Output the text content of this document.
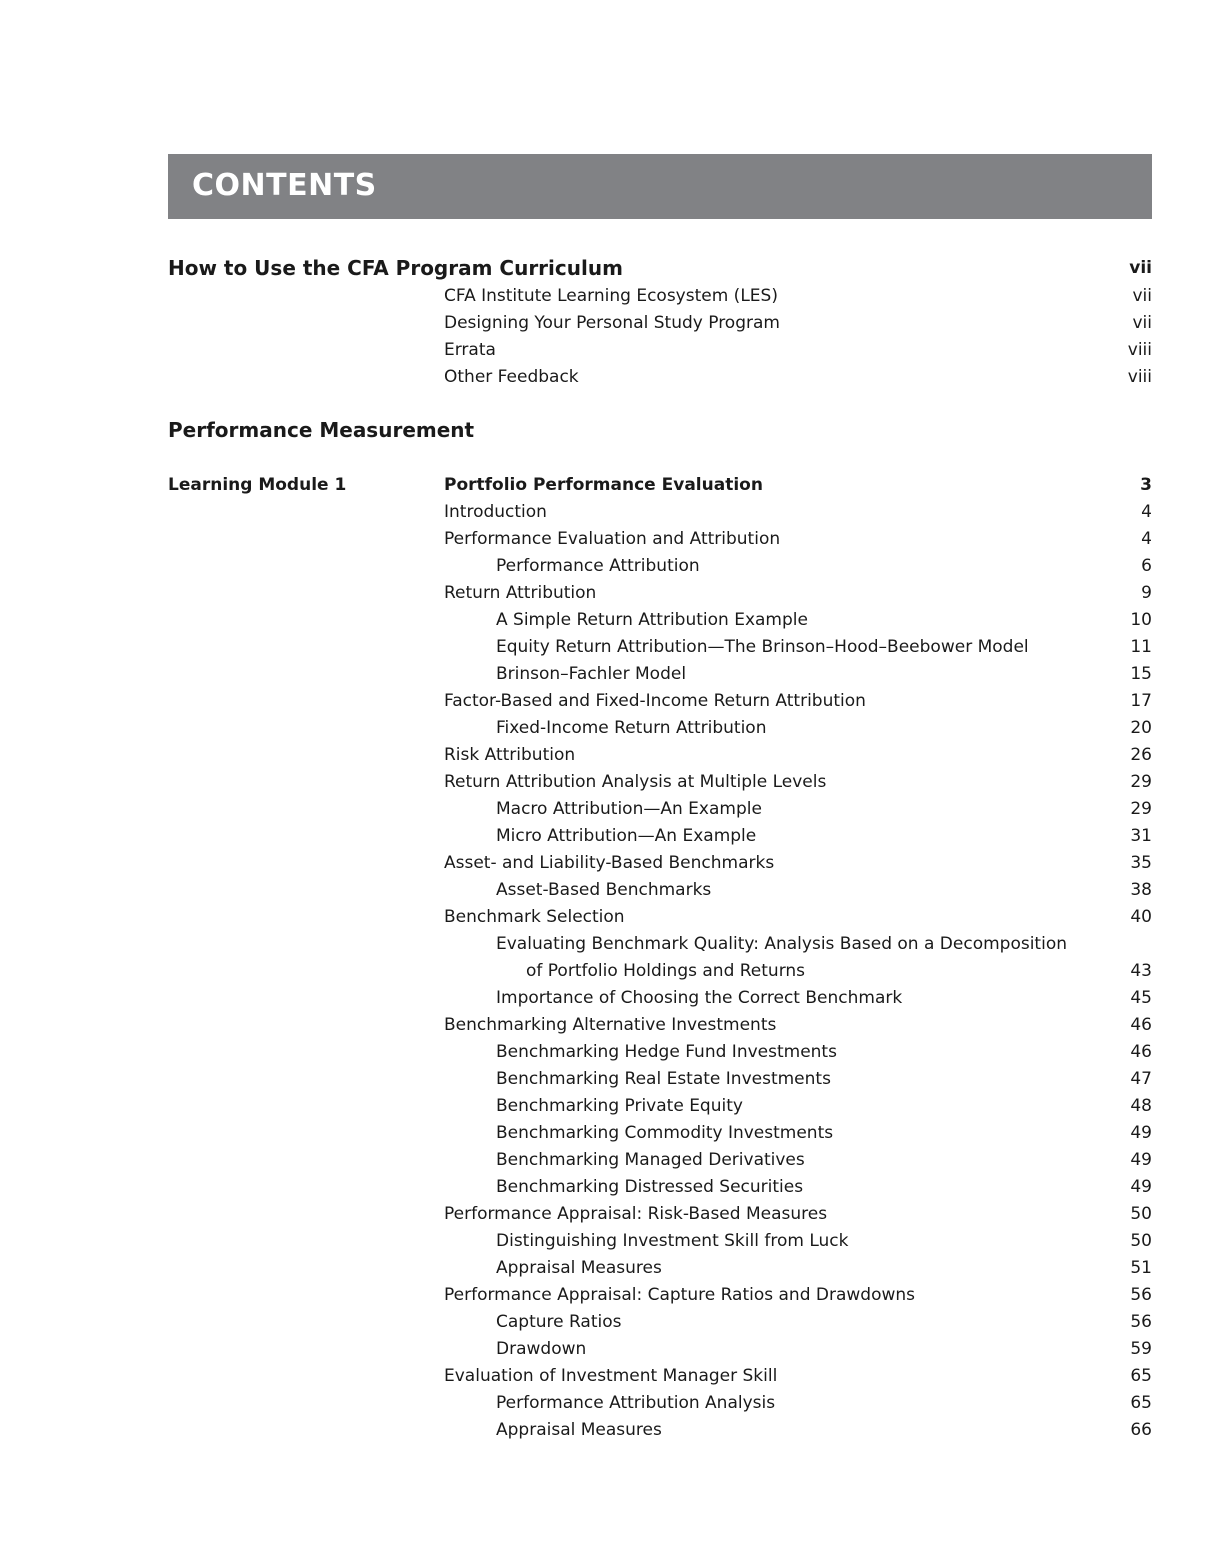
CONTENTS
How to Use the CFA Program Curriculum	vii
CFA Institute Learning Ecosystem (LES)	vii
Designing Your Personal Study Program	vii
Errata	viii
Other Feedback	viii
Performance Measurement
Learning Module 1	Portfolio Performance Evaluation	3
Introduction	4
Performance Evaluation and Attribution	4
Performance Attribution	6
Return Attribution	9
A Simple Return Attribution Example	10
Equity Return Attribution—The Brinson–Hood–Beebower Model	11
Brinson–Fachler Model	15
Factor-Based and Fixed-Income Return Attribution	17
Fixed-Income Return Attribution	20
Risk Attribution	26
Return Attribution Analysis at Multiple Levels	29
Macro Attribution—An Example	29
Micro Attribution—An Example	31
Asset- and Liability-Based Benchmarks	35
Asset-Based Benchmarks	38
Benchmark Selection	40
Evaluating Benchmark Quality: Analysis Based on a Decomposition
of Portfolio Holdings and Returns	43
Importance of Choosing the Correct Benchmark	45
Benchmarking Alternative Investments	46
Benchmarking Hedge Fund Investments	46
Benchmarking Real Estate Investments	47
Benchmarking Private Equity	48
Benchmarking Commodity Investments	49
Benchmarking Managed Derivatives	49
Benchmarking Distressed Securities	49
Performance Appraisal: Risk-Based Measures	50
Distinguishing Investment Skill from Luck	50
Appraisal Measures	51
Performance Appraisal: Capture Ratios and Drawdowns	56
Capture Ratios	56
Drawdown	59
Evaluation of Investment Manager Skill	65
Performance Attribution Analysis	65
Appraisal Measures	66
